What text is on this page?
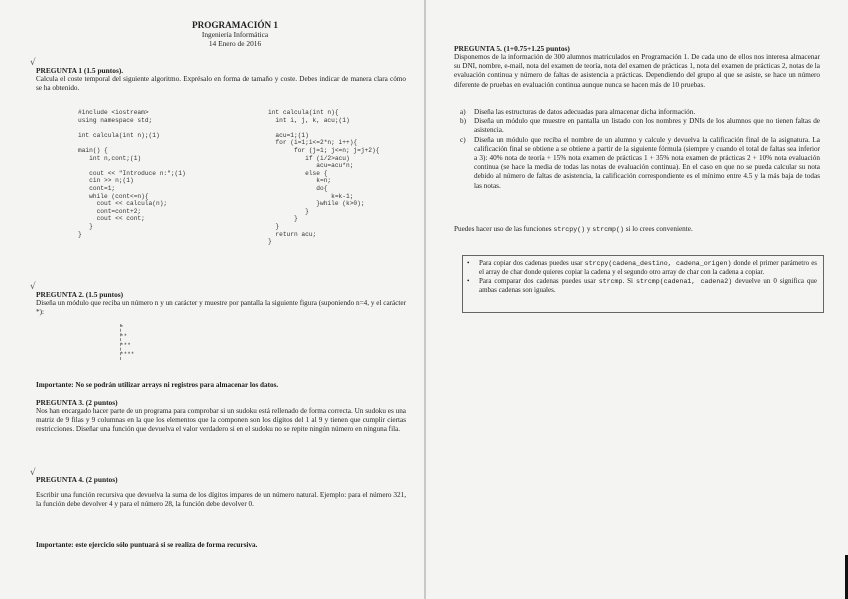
PROGRAMACIÓN 1
Ingeniería Informática
14 Enero de 2016
√
PREGUNTA 1 (1.5 puntos).
Calcula el coste temporal del siguiente algoritmo. Exprésalo en forma de tamaño y coste. Debes indicar de manera clara cómo se ha obtenido.
#include <iostream>
using namespace std;

int calcula(int n);(1)

main() {
int n,cont;(1)

cout << "Introduce n:";(1)
cin >> n;(1)
cont=1;
while (cont<=n){
cout << calcula(n);
cont=cont+2;
cout << cont;
}
}
int calcula(int n){
int i, j, k, acu;(1)

acu=1;(1)
for (i=1;i<=2*n; i++){
for (j=1; j<=n; j=j+2){
if (i/2>acu)
acu=acu*n;
else {
k=n;
do{
k=k-1;
}while (k>0);
}
}
}
return acu;
}
√
PREGUNTA 2. (1.5 puntos)
Diseña un módulo que reciba un número n y un carácter y muestre por pantalla la siguiente figura (suponiendo n=4, y el carácter *):
*
**
***
****
Importante: No se podrán utilizar arrays ni registros para almacenar los datos.
PREGUNTA 3. (2 puntos)
Nos han encargado hacer parte de un programa para comprobar si un sudoku está rellenado de forma correcta. Un sudoku es una matriz de 9 filas y 9 columnas en la que los elementos que la componen son los dígitos del 1 al 9 y tienen que cumplir ciertas restricciones. Diseñar una función que devuelva el valor verdadero si en el sudoku no se repite ningún número en ninguna fila.
√
PREGUNTA 4. (2 puntos)
Escribir una función recursiva que devuelva la suma de los dígitos impares de un número natural. Ejemplo: para el número 321, la función debe devolver 4 y para el número 28, la función debe devolver 0.
Importante: este ejercicio sólo puntuará si se realiza de forma recursiva.
PREGUNTA 5. (1+0.75+1.25 puntos)
Disponemos de la información de 300 alumnos matriculados en Programación 1. De cada uno de ellos nos interesa almacenar su DNI, nombre, e-mail, nota del examen de teoría, nota del examen de prácticas 1, nota del examen de prácticas 2, notas de la evaluación continua y número de faltas de asistencia a prácticas. Dependiendo del grupo al que se asiste, se hace un número diferente de pruebas en evaluación continua aunque nunca se hacen más de 10 pruebas.
a) Diseña las estructuras de datos adecuadas para almacenar dicha información.
b) Diseña un módulo que muestre en pantalla un listado con los nombres y DNIs de los alumnos que no tienen faltas de asistencia.
c) Diseña un módulo que reciba el nombre de un alumno y calcule y devuelva la calificación final de la asignatura. La calificación final se obtiene a se obtiene a partir de la siguiente fórmula (siempre y cuando el total de faltas sea inferior a 3): 40% nota de teoría + 15% nota examen de prácticas 1 + 35% nota examen de prácticas 2 + 10% nota evaluación continua (se hace la media de todas las notas de evaluación continua). En el caso en que no se pueda calcular su nota debido al número de faltas de asistencia, la calificación correspondiente es el mínimo entre 4.5 y la más baja de todas las notas.
Puedes hacer uso de las funciones strcpy() y strcmp() si lo crees conveniente.
• Para copiar dos cadenas puedes usar strcpy(cadena_destino, cadena_origen) donde el primer parámetro es el array de char donde quieres copiar la cadena y el segundo otro array de char con la cadena a copiar.
• Para comparar dos cadenas puedes usar strcmp. Si strcmp(cadena1, cadena2) devuelve un 0 significa que ambas cadenas son iguales.
